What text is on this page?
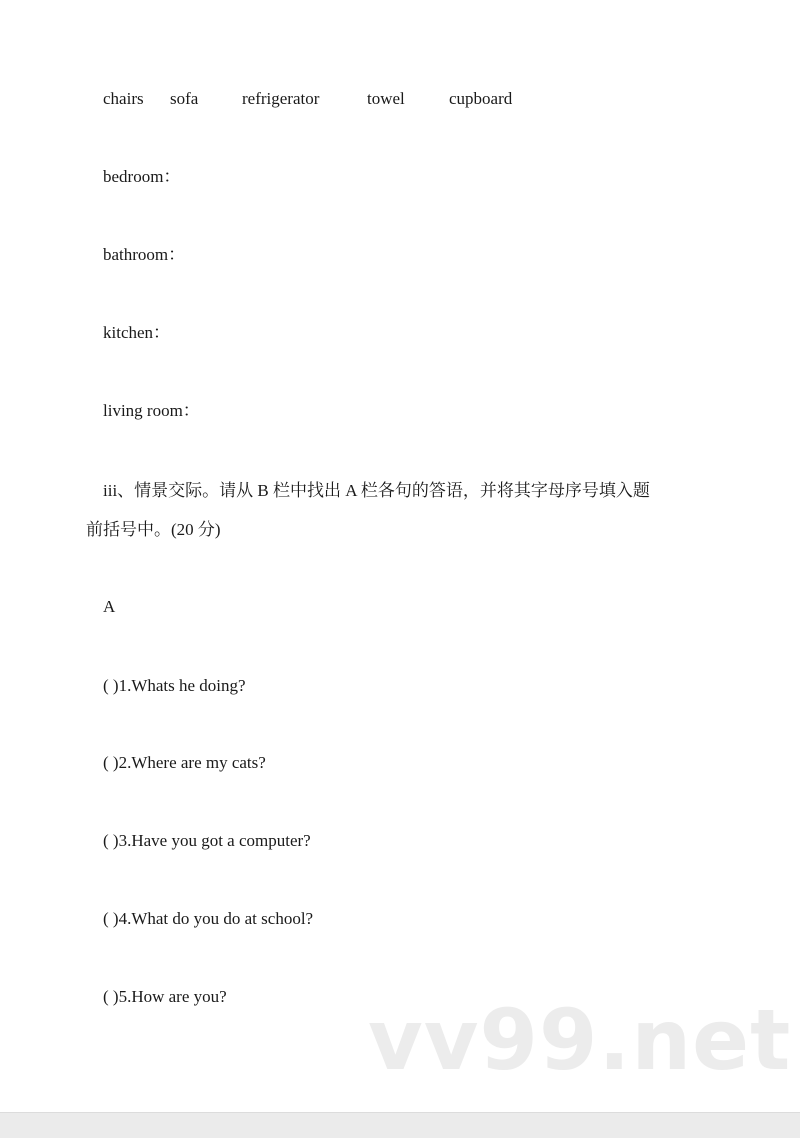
chairs sofa	refrigerator	towel	cupboard
bedroom：
bathroom：
kitchen：
living room：
iii、情景交际。请从 B 栏中找出 A 栏各句的答语，并将其字母序号填入题
前括号中。(20 分)
A
( )1.Whats he doing?
( )2.Where are my cats?
( )3.Have you got a computer?
( )4.What do you do at school?
( )5.How are you? vv99.net
